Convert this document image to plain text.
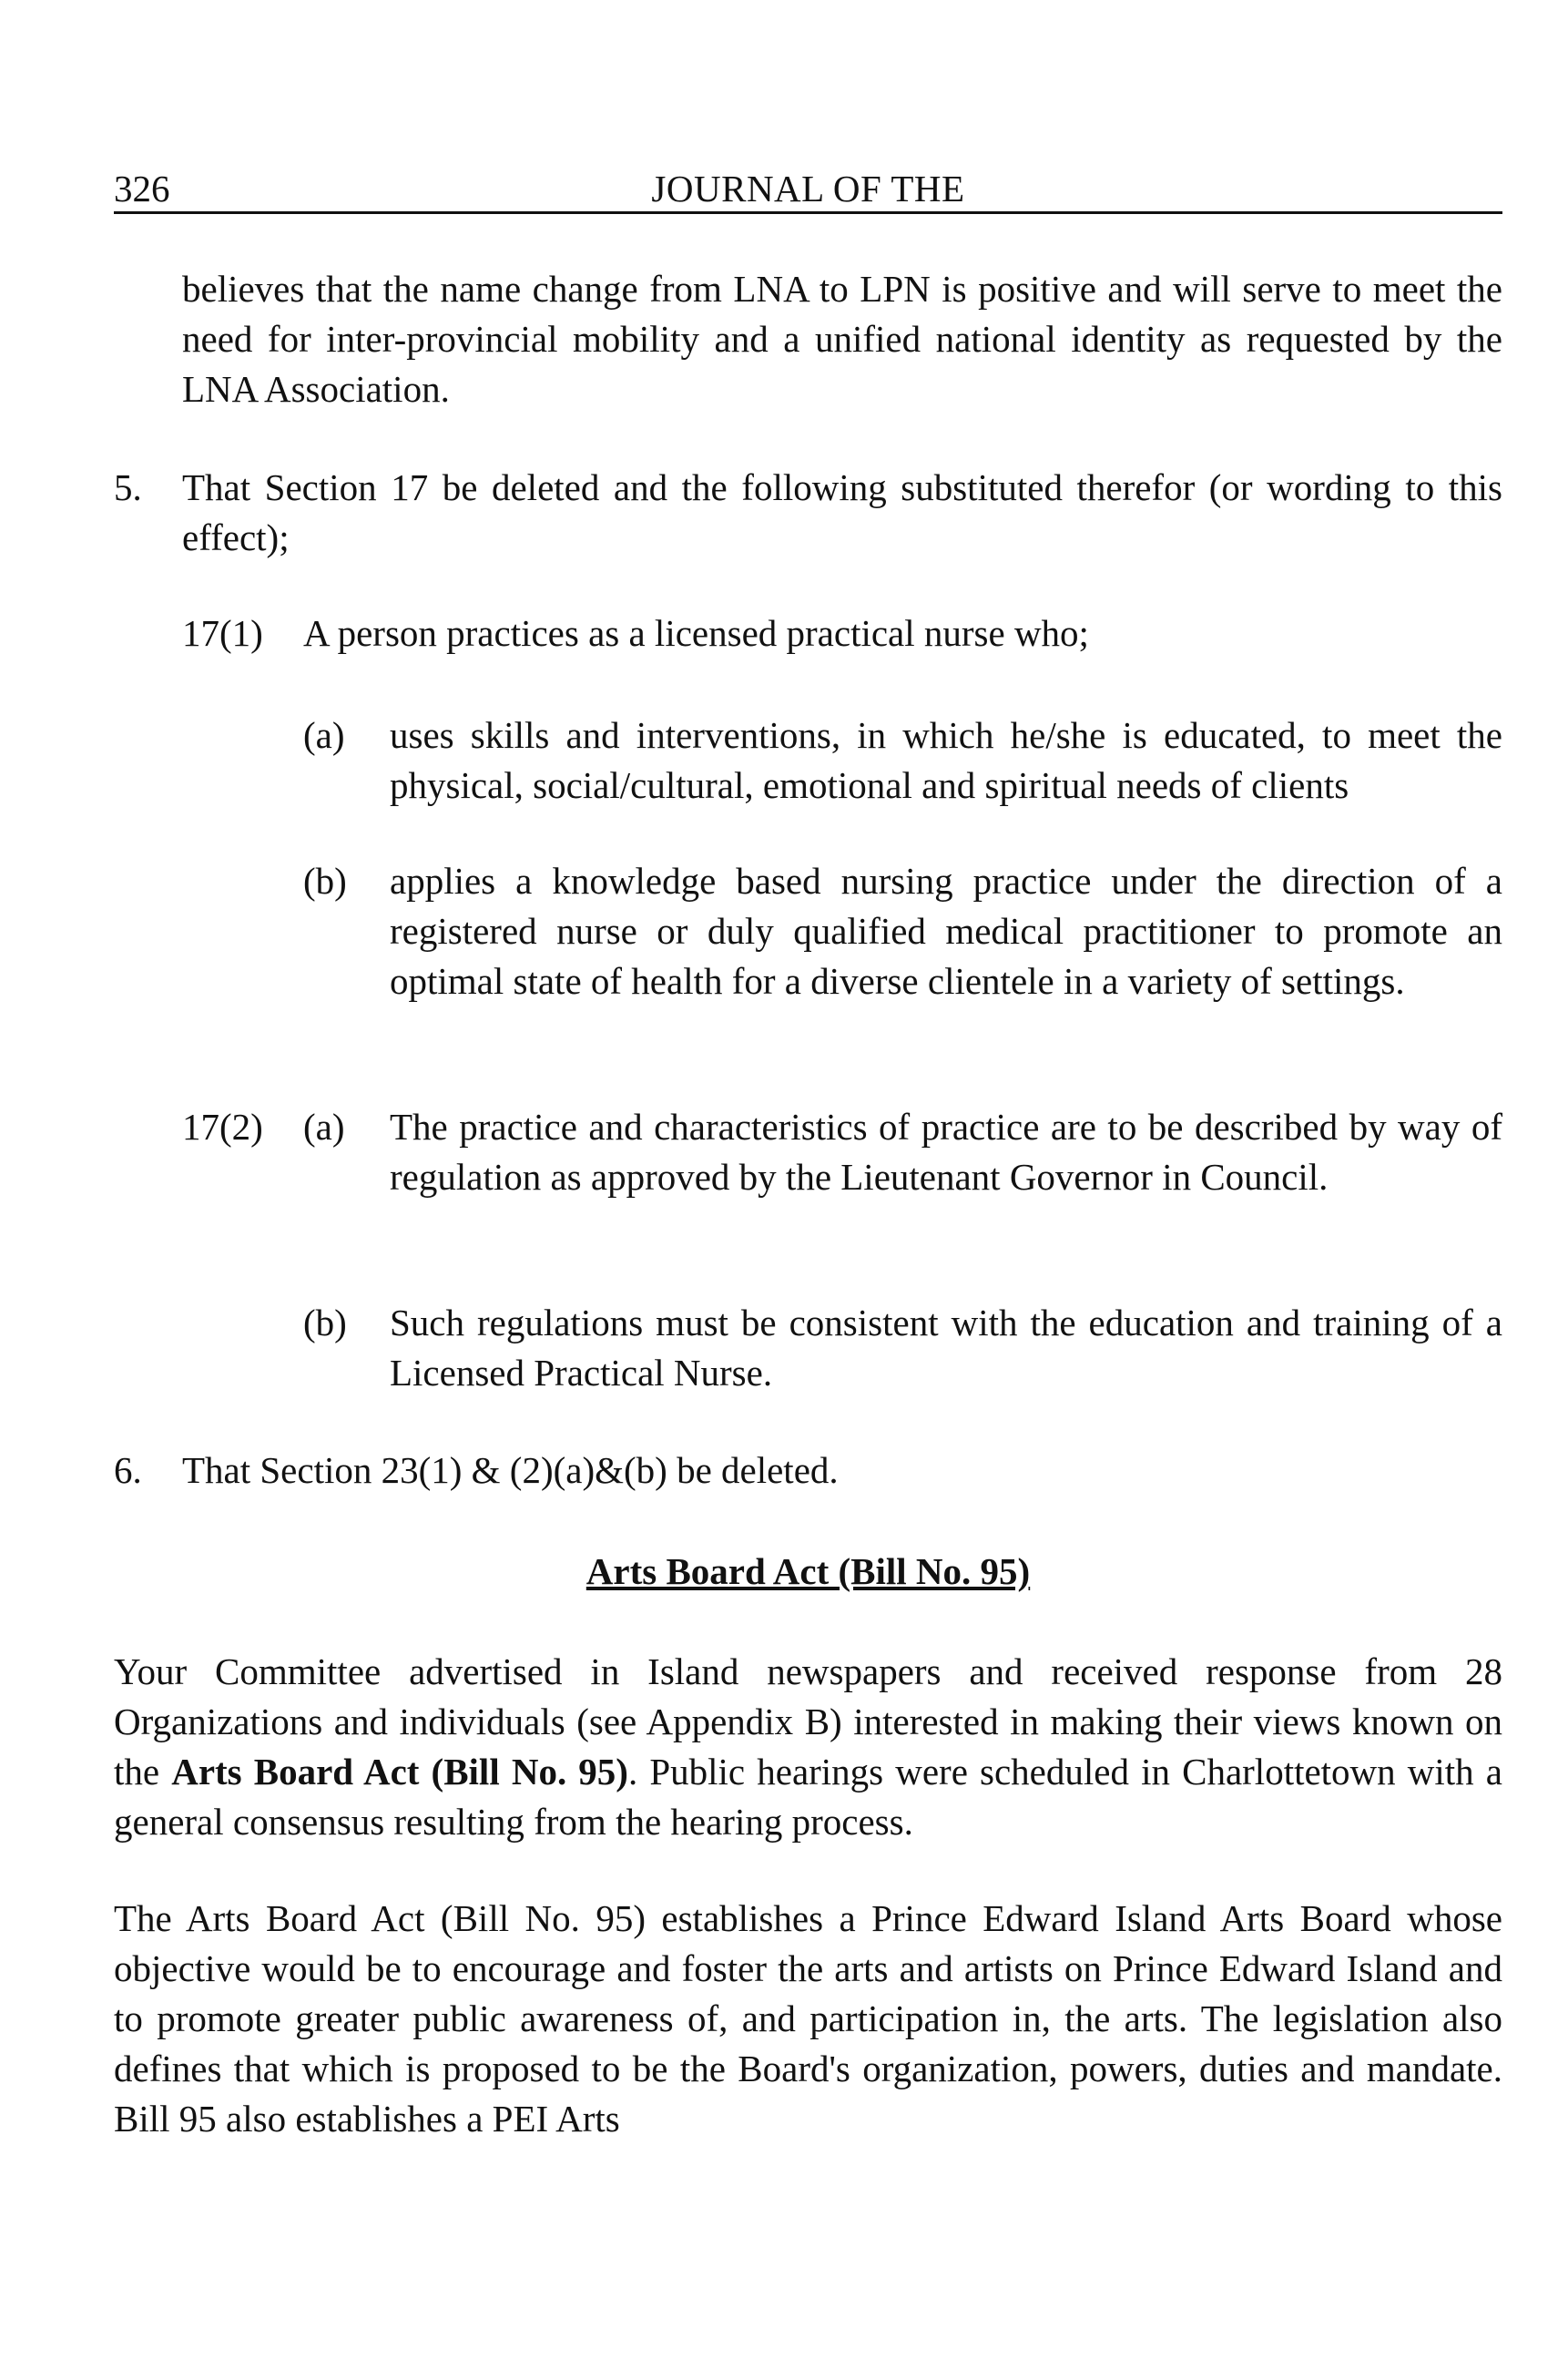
326	JOURNAL OF THE
believes that the name change from LNA to LPN is positive and will serve to meet the need for inter-provincial mobility and a unified national identity as requested by the LNA Association.
5. That Section 17 be deleted and the following substituted therefor (or wording to this effect);
17(1) A person practices as a licensed practical nurse who;
(a) uses skills and interventions, in which he/she is educated, to meet the physical, social/cultural, emotional and spiritual needs of clients
(b) applies a knowledge based nursing practice under the direction of a registered nurse or duly qualified medical practitioner to promote an optimal state of health for a diverse clientele in a variety of settings.
17(2) (a) The practice and characteristics of practice are to be described by way of regulation as approved by the Lieutenant Governor in Council.
(b) Such regulations must be consistent with the education and training of a Licensed Practical Nurse.
6. That Section 23(1) & (2)(a)&(b) be deleted.
Arts Board Act (Bill No. 95)
Your Committee advertised in Island newspapers and received response from 28 Organizations and individuals (see Appendix B) interested in making their views known on the Arts Board Act (Bill No. 95). Public hearings were scheduled in Charlottetown with a general consensus resulting from the hearing process.
The Arts Board Act (Bill No. 95) establishes a Prince Edward Island Arts Board whose objective would be to encourage and foster the arts and artists on Prince Edward Island and to promote greater public awareness of, and participation in, the arts. The legislation also defines that which is proposed to be the Board's organization, powers, duties and mandate. Bill 95 also establishes a PEI Arts
